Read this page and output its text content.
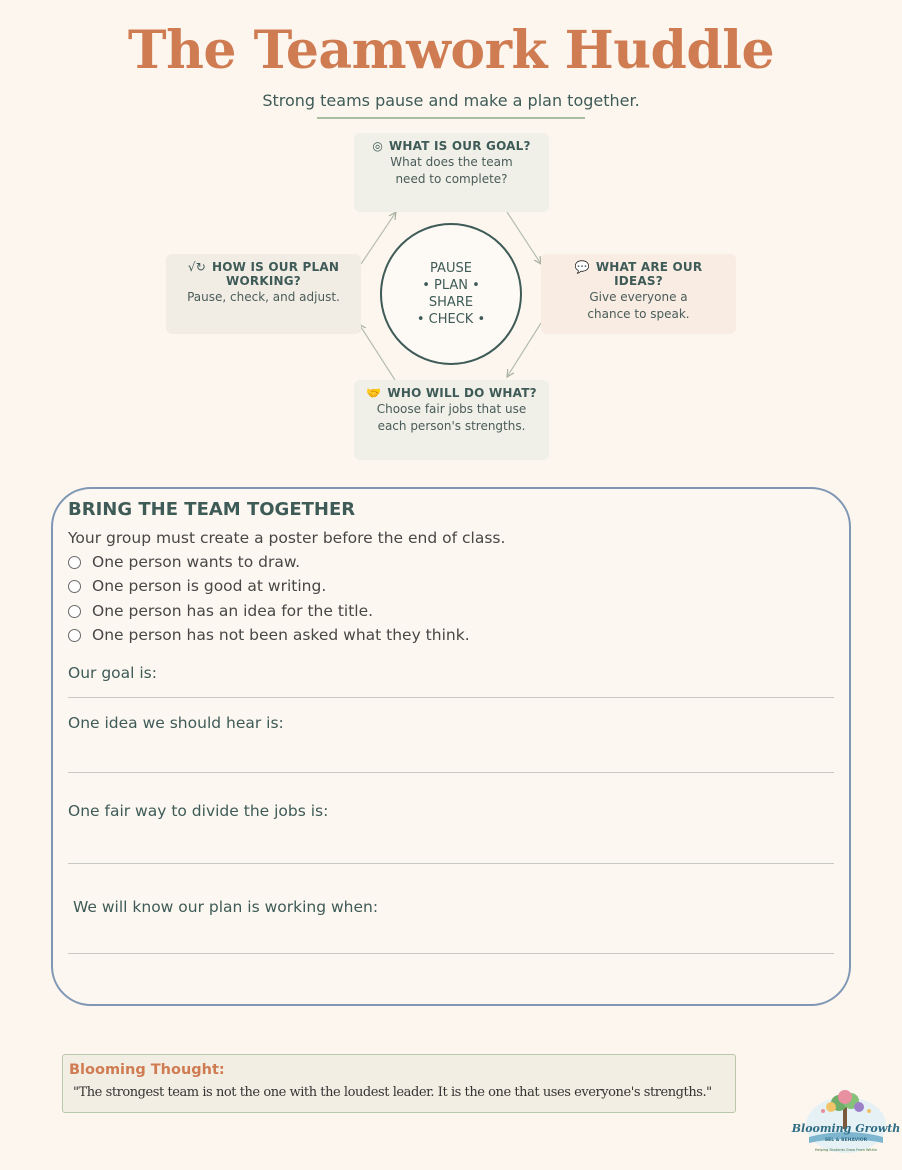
The Teamwork Huddle
Strong teams pause and make a plan together.
◎ WHAT IS OUR GOAL?
What does the team
need to complete?
💬 WHAT ARE OUR IDEAS?
Give everyone a
chance to speak.
🤝 WHO WILL DO WHAT?
Choose fair jobs that use
each person's strengths.
√↻ HOW IS OUR PLAN
WORKING?
Pause, check, and adjust.
PAUSE
• PLAN •
SHARE
• CHECK •
BRING THE TEAM TOGETHER
Your group must create a poster before the end of class.
One person wants to draw.
One person is good at writing.
One person has an idea for the title.
One person has not been asked what they think.
Our goal is:
One idea we should hear is:
One fair way to divide the jobs is:
We will know our plan is working when:
Blooming Thought:
"The strongest team is not the one with the loudest leader. It is the one that uses everyone's strengths."
Blooming Growth
SEL & BEHAVIOR
Helping Students Grow From Within
